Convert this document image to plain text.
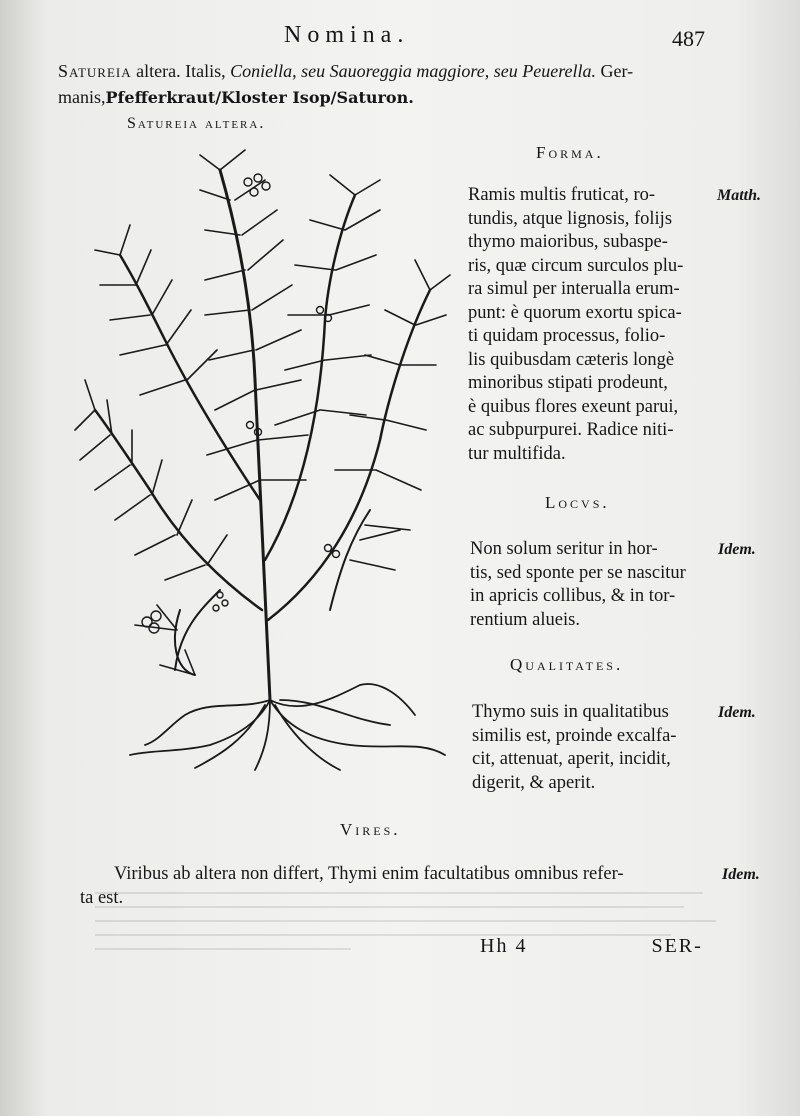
Nomina.	487
Satureia altera. Italis, Coniella, seu Sauoreggia maggiore, seu Peuerella. Ger-
manis,Pfefferkraut/Kloster Isop/Saturon.
Satureia altera.
Forma.
Matth.
Ramis multis fruticat, ro-
tundis, atque lignosis, folijs
thymo maioribus, subaspe-
ris, quæ circum surculos plu-
ra simul per interualla erum-
punt: è quorum exortu spica-
ti quidam processus, folio-
lis quibusdam cæteris longè
minoribus stipati prodeunt,
è quibus flores exeunt parui,
ac subpurpurei. Radice niti-
tur multifida.
Locvs.
Idem.
Non solum seritur in hor-
tis, sed sponte per se nascitur
in apricis collibus, & in tor-
rentium alueis.
Qualitates.
Idem.
Thymo suis in qualitatibus
similis est, proinde excalfa-
cit, attenuat, aperit, incidit,
digerit, & aperit.
Vires.
Idem.
Viribus ab altera non differt, Thymi enim facultatibus omnibus refer-
ta est.
Hh 4	SER-
